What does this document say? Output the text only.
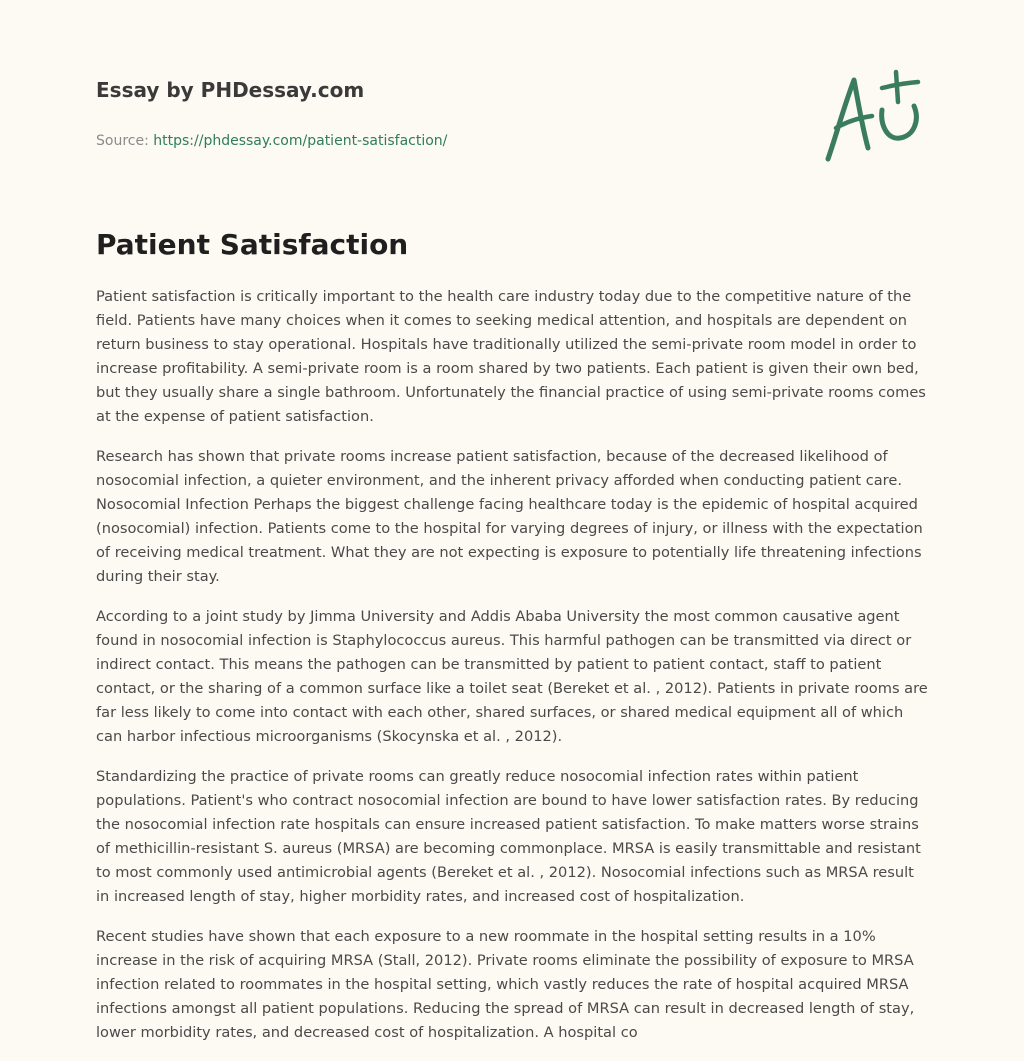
Essay by PHDessay.com
Source: https://phdessay.com/patient-satisfaction/
Patient Satisfaction

Patient satisfaction is critically important to the health care industry today due to the competitive nature of the field. Patients have many choices when it comes to seeking medical attention, and hospitals are dependent on return business to stay operational. Hospitals have traditionally utilized the semi-private room model in order to increase profitability. A semi-private room is a room shared by two patients. Each patient is given their own bed, but they usually share a single bathroom. Unfortunately the financial practice of using semi-private rooms comes at the expense of patient satisfaction.

Research has shown that private rooms increase patient satisfaction, because of the decreased likelihood of nosocomial infection, a quieter environment, and the inherent privacy afforded when conducting patient care. Nosocomial Infection Perhaps the biggest challenge facing healthcare today is the epidemic of hospital acquired (nosocomial) infection. Patients come to the hospital for varying degrees of injury, or illness with the expectation of receiving medical treatment. What they are not expecting is exposure to potentially life threatening infections during their stay.

According to a joint study by Jimma University and Addis Ababa University the most common causative agent found in nosocomial infection is Staphylococcus aureus. This harmful pathogen can be transmitted via direct or indirect contact. This means the pathogen can be transmitted by patient to patient contact, staff to patient contact, or the sharing of a common surface like a toilet seat (Bereket et al. , 2012). Patients in private rooms are far less likely to come into contact with each other, shared surfaces, or shared medical equipment all of which can harbor infectious microorganisms (Skocynska et al. , 2012).

Standardizing the practice of private rooms can greatly reduce nosocomial infection rates within patient populations. Patient's who contract nosocomial infection are bound to have lower satisfaction rates. By reducing the nosocomial infection rate hospitals can ensure increased patient satisfaction. To make matters worse strains of methicillin-resistant S. aureus (MRSA) are becoming commonplace. MRSA is easily transmittable and resistant to most commonly used antimicrobial agents (Bereket et al. , 2012). Nosocomial infections such as MRSA result in increased length of stay, higher morbidity rates, and increased cost of hospitalization.

Recent studies have shown that each exposure to a new roommate in the hospital setting results in a 10% increase in the risk of acquiring MRSA (Stall, 2012). Private rooms eliminate the possibility of exposure to MRSA infection related to roommates in the hospital setting, which vastly reduces the rate of hospital acquired MRSA infections amongst all patient populations. Reducing the spread of MRSA can result in decreased length of stay, lower morbidity rates, and decreased cost of hospitalization. A hospital co
